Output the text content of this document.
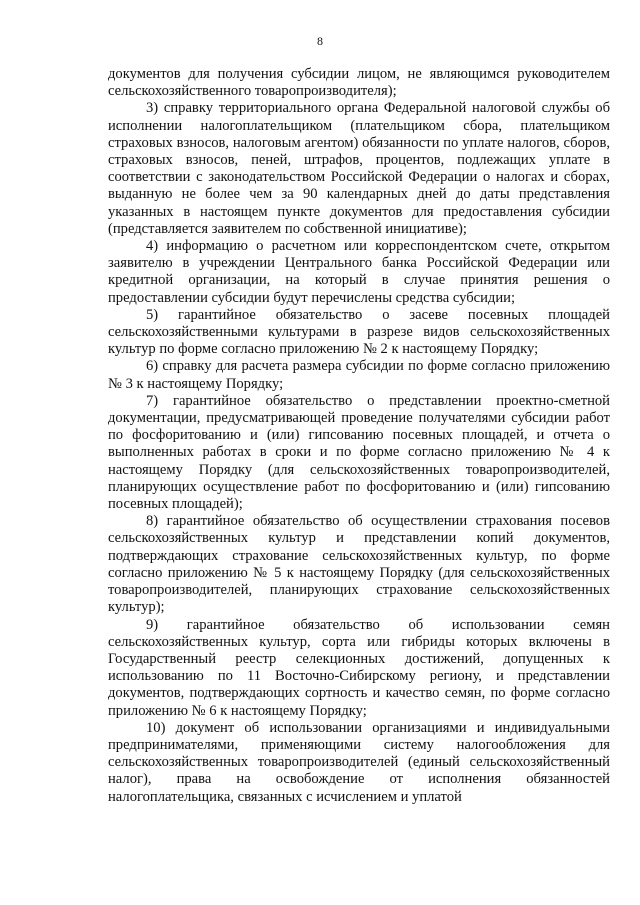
8

документов для получения субсидии лицом, не являющимся руководителем сельскохозяйственного товаропроизводителя);

3) справку территориального органа Федеральной налоговой службы об исполнении налогоплательщиком (плательщиком сбора, плательщиком страховых взносов, налоговым агентом) обязанности по уплате налогов, сборов, страховых взносов, пеней, штрафов, процентов, подлежащих уплате в соответствии с законодательством Российской Федерации о налогах и сборах, выданную не более чем за 90 календарных дней до даты представления указанных в настоящем пункте документов для предоставления субсидии (представляется заявителем по собственной инициативе);

4) информацию о расчетном или корреспондентском счете, открытом заявителю в учреждении Центрального банка Российской Федерации или кредитной организации, на который в случае принятия решения о предоставлении субсидии будут перечислены средства субсидии;

5) гарантийное обязательство о засеве посевных площадей сельскохозяйственными культурами в разрезе видов сельскохозяйственных культур по форме согласно приложению № 2 к настоящему Порядку;

6) справку для расчета размера субсидии по форме согласно приложению № 3 к настоящему Порядку;

7) гарантийное обязательство о представлении проектно-сметной документации, предусматривающей проведение получателями субсидии работ по фосфоритованию и (или) гипсованию посевных площадей, и отчета о выполненных работах в сроки и по форме согласно приложению № 4 к настоящему Порядку (для сельскохозяйственных товаропроизводителей, планирующих осуществление работ по фосфоритованию и (или) гипсованию посевных площадей);

8) гарантийное обязательство об осуществлении страхования посевов сельскохозяйственных культур и представлении копий документов, подтверждающих страхование сельскохозяйственных культур, по форме согласно приложению № 5 к настоящему Порядку (для сельскохозяйственных товаропроизводителей, планирующих страхование сельскохозяйственных культур);

9) гарантийное обязательство об использовании семян сельскохозяйственных культур, сорта или гибриды которых включены в Государственный реестр селекционных достижений, допущенных к использованию по 11 Восточно-Сибирскому региону, и представлении документов, подтверждающих сортность и качество семян, по форме согласно приложению № 6 к настоящему Порядку;

10) документ об использовании организациями и индивидуальными предпринимателями, применяющими систему налогообложения для сельскохозяйственных товаропроизводителей (единый сельскохозяйственный налог), права на освобождение от исполнения обязанностей налогоплательщика, связанных с исчислением и уплатой
